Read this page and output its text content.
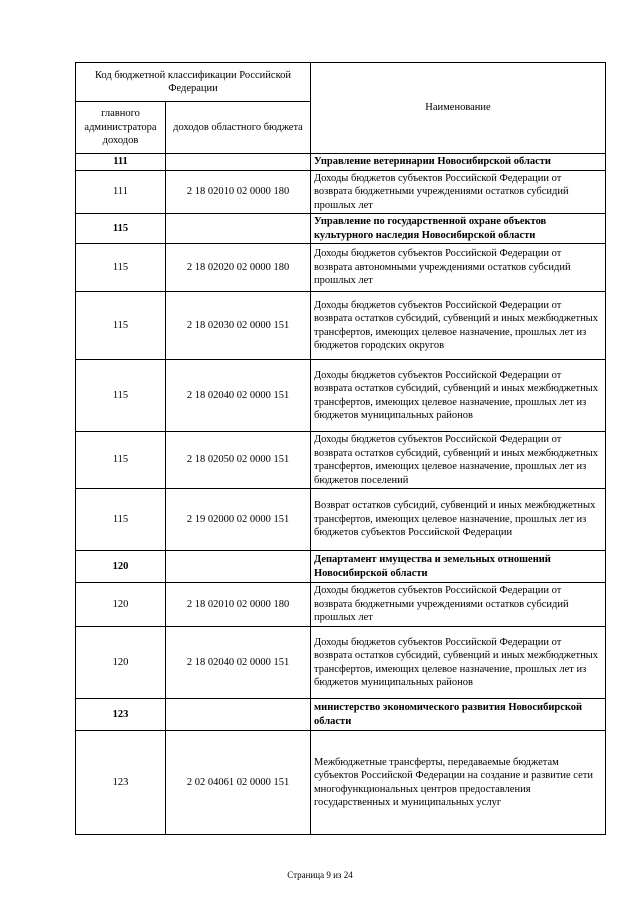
Код бюджетной классификации Российской Федерации		Наименование
главного администратора доходов	доходов областного бюджета	
111		Управление ветеринарии Новосибирской области
111	2 18 02010 02 0000 180	Доходы бюджетов субъектов Российской Федерации от возврата бюджетными учреждениями остатков субсидий прошлых лет
115		Управление по государственной охране объектов культурного наследия Новосибирской области
115	2 18 02020 02 0000 180	Доходы бюджетов субъектов Российской Федерации от возврата автономными учреждениями остатков субсидий прошлых лет
115	2 18 02030 02 0000 151	Доходы бюджетов субъектов Российской Федерации от возврата остатков субсидий, субвенций и иных межбюджетных трансфертов, имеющих целевое назначение, прошлых лет из бюджетов городских округов
115	2 18 02040 02 0000 151	Доходы бюджетов субъектов Российской Федерации от возврата остатков субсидий, субвенций и иных межбюджетных трансфертов, имеющих целевое назначение, прошлых лет из бюджетов муниципальных районов
115	2 18 02050 02 0000 151	Доходы бюджетов субъектов Российской Федерации от возврата остатков субсидий, субвенций и иных межбюджетных трансфертов, имеющих целевое назначение, прошлых лет из бюджетов поселений
115	2 19 02000 02 0000 151	Возврат остатков субсидий, субвенций и иных межбюджетных трансфертов, имеющих целевое назначение, прошлых лет из бюджетов субъектов Российской Федерации
120		Департамент имущества и земельных отношений Новосибирской области
120	2 18 02010 02 0000 180	Доходы бюджетов субъектов Российской Федерации от возврата бюджетными учреждениями остатков субсидий прошлых лет
120	2 18 02040 02 0000 151	Доходы бюджетов субъектов Российской Федерации от возврата остатков субсидий, субвенций и иных межбюджетных трансфертов, имеющих целевое назначение, прошлых лет из бюджетов муниципальных районов
123		министерство экономического развития Новосибирской области
123	2 02 04061 02 0000 151	Межбюджетные трансферты, передаваемые бюджетам субъектов Российской Федерации на создание и развитие сети многофункциональных центров предоставления государственных и муниципальных услуг
Страница 9 из 24
